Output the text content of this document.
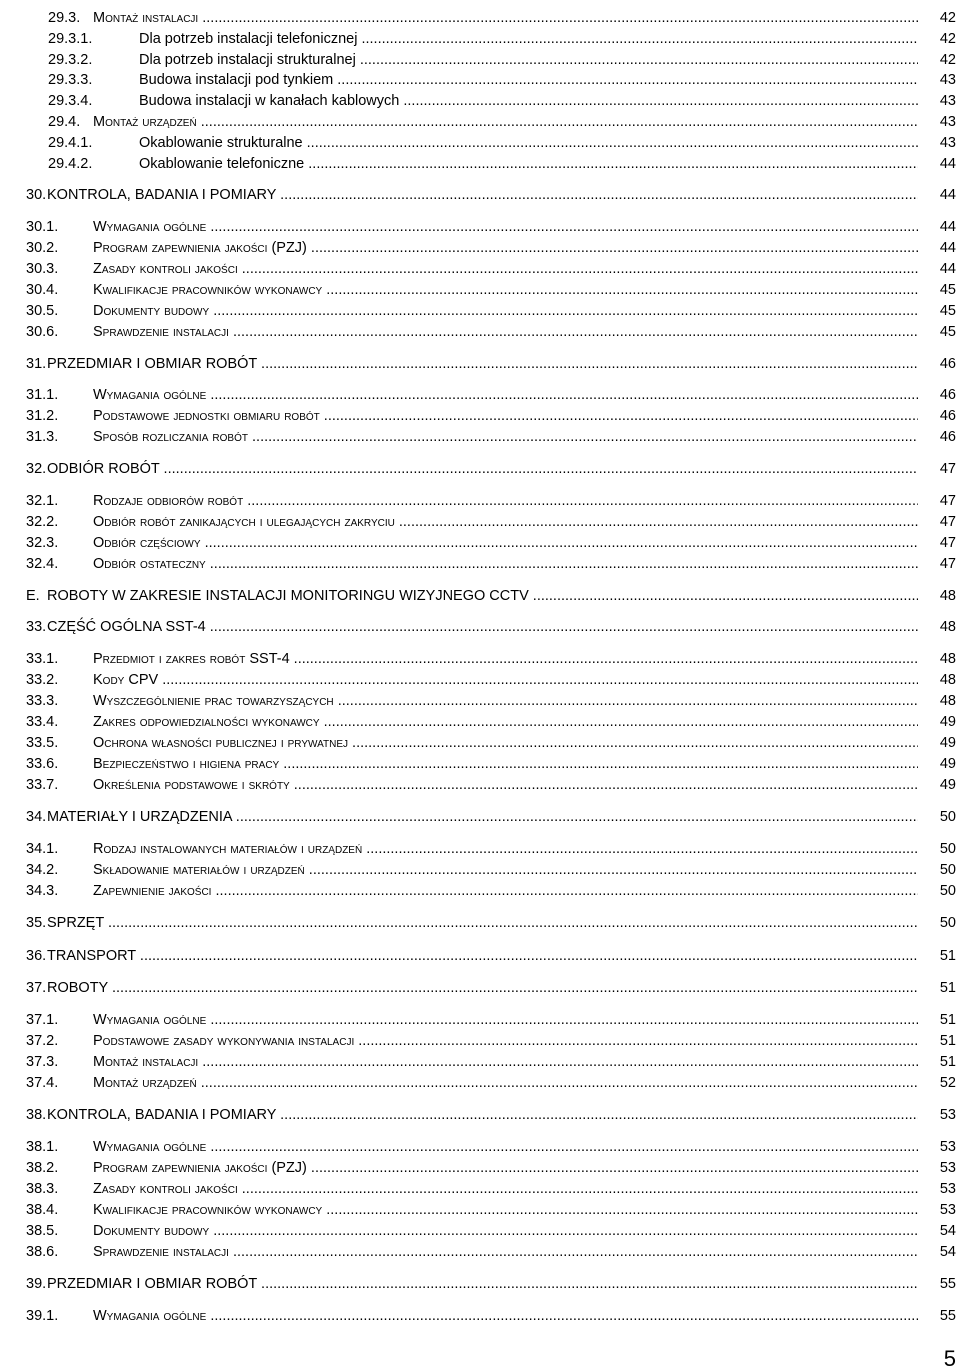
29.3. Montaż instalacji .....	42
29.3.1.	Dla potrzeb instalacji telefonicznej .....	42
29.3.2.	Dla potrzeb instalacji strukturalnej .....	42
29.3.3.	Budowa instalacji pod tynkiem .....	43
29.3.4.	Budowa instalacji w kanałach kablowych .....	43
29.4. Montaż urządzeń .....	43
29.4.1.	Okablowanie strukturalne .....	43
29.4.2.	Okablowanie telefoniczne .....	44
30. KONTROLA, BADANIA I POMIARY .....	44
30.1. Wymagania ogólne .....	44
30.2. Program zapewnienia jakości (PZJ) .....	44
30.3. Zasady kontroli jakości .....	44
30.4. Kwalifikacje pracowników wykonawcy .....	45
30.5. Dokumenty budowy .....	45
30.6. Sprawdzenie instalacji .....	45
31. PRZEDMIAR I OBMIAR ROBÓT .....	46
31.1. Wymagania ogólne .....	46
31.2. Podstawowe jednostki obmiaru robót .....	46
31.3. Sposób rozliczania robót .....	46
32. ODBIÓR ROBÓT .....	47
32.1. Rodzaje odbiorów robót .....	47
32.2. Odbiór robót zanikających i ulegających zakryciu .....	47
32.3. Odbiór częściowy .....	47
32.4. Odbiór ostateczny .....	47
E. ROBOTY W ZAKRESIE INSTALACJI MONITORINGU WIZYJNEGO CCTV .....	48
33. CZĘŚĆ OGÓLNA SST-4 .....	48
33.1. Przedmiot i zakres robót SST-4 .....	48
33.2. Kody CPV .....	48
33.3. Wyszczególnienie prac towarzyszących .....	48
33.4. Zakres odpowiedzialności wykonawcy .....	49
33.5. Ochrona własności publicznej i prywatnej .....	49
33.6. Bezpieczeństwo i higiena pracy .....	49
33.7. Określenia podstawowe i skróty .....	49
34. MATERIAŁY I URZĄDZENIA .....	50
34.1. Rodzaj instalowanych materiałów i urządzeń .....	50
34.2. Składowanie materiałów i urządzeń .....	50
34.3. Zapewnienie jakości .....	50
35. SPRZĘT .....	50
36. TRANSPORT .....	51
37. ROBOTY .....	51
37.1. Wymagania ogólne .....	51
37.2. Podstawowe zasady wykonywania instalacji .....	51
37.3. Montaż instalacji .....	51
37.4. Montaż urządzeń .....	52
38. KONTROLA, BADANIA I POMIARY .....	53
38.1. Wymagania ogólne .....	53
38.2. Program zapewnienia jakości (PZJ) .....	53
38.3. Zasady kontroli jakości .....	53
38.4. Kwalifikacje pracowników wykonawcy .....	53
38.5. Dokumenty budowy .....	54
38.6. Sprawdzenie instalacji .....	54
39. PRZEDMIAR I OBMIAR ROBÓT .....	55
39.1. Wymagania ogólne .....	55
5
